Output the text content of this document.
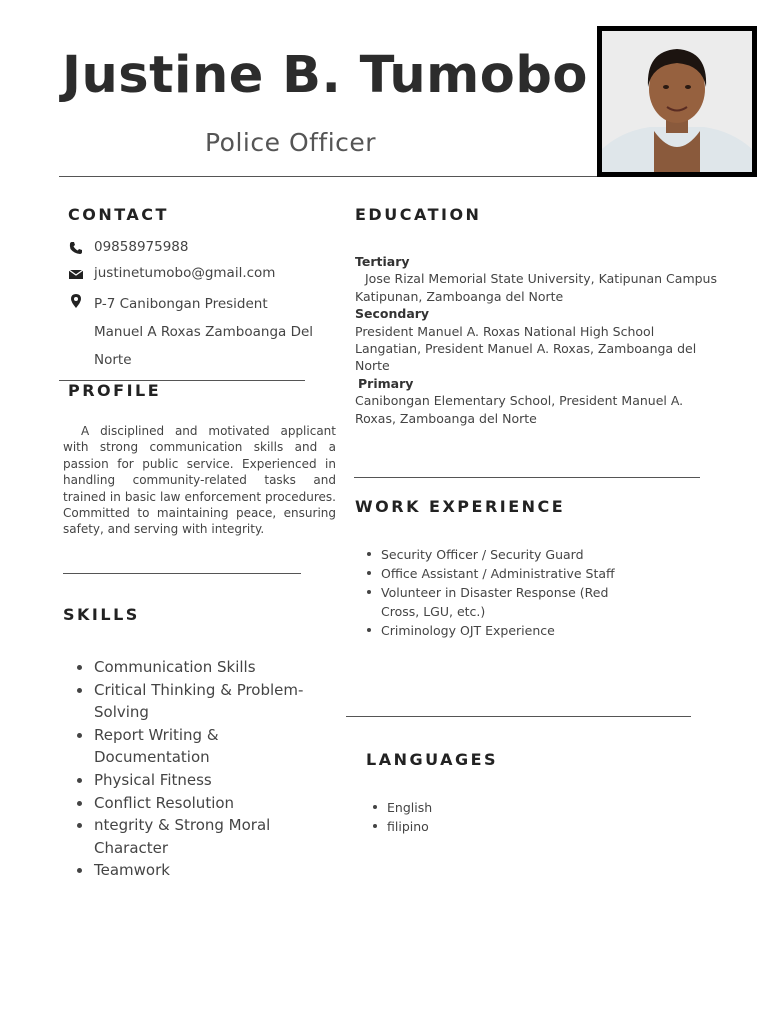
Justine B. Tumobo
Police Officer
CONTACT
09858975988
justinetumobo@gmail.com
P-7 Canibongan President
Manuel A Roxas Zamboanga Del
Norte
PROFILE

A disciplined and motivated applicant with strong communication skills and a passion for public service. Experienced in handling community-related tasks and trained in basic law enforcement procedures. Committed to maintaining peace, ensuring safety, and serving with integrity.

SKILLS
Communication Skills
Critical Thinking & Problem-Solving
Report Writing & Documentation
Physical Fitness
Conflict Resolution
ntegrity & Strong Moral Character
Teamwork
EDUCATION
Tertiary
Jose Rizal Memorial State University, Katipunan Campus Katipunan, Zamboanga del Norte
Secondary
President Manuel A. Roxas National High School Langatian, President Manuel A. Roxas, Zamboanga del Norte
Primary
Canibongan Elementary School, President Manuel A. Roxas, Zamboanga del Norte
WORK EXPERIENCE
Security Officer / Security Guard
Office Assistant / Administrative Staff
Volunteer in Disaster Response (Red Cross, LGU, etc.)
Criminology OJT Experience
LANGUAGES
English
filipino
